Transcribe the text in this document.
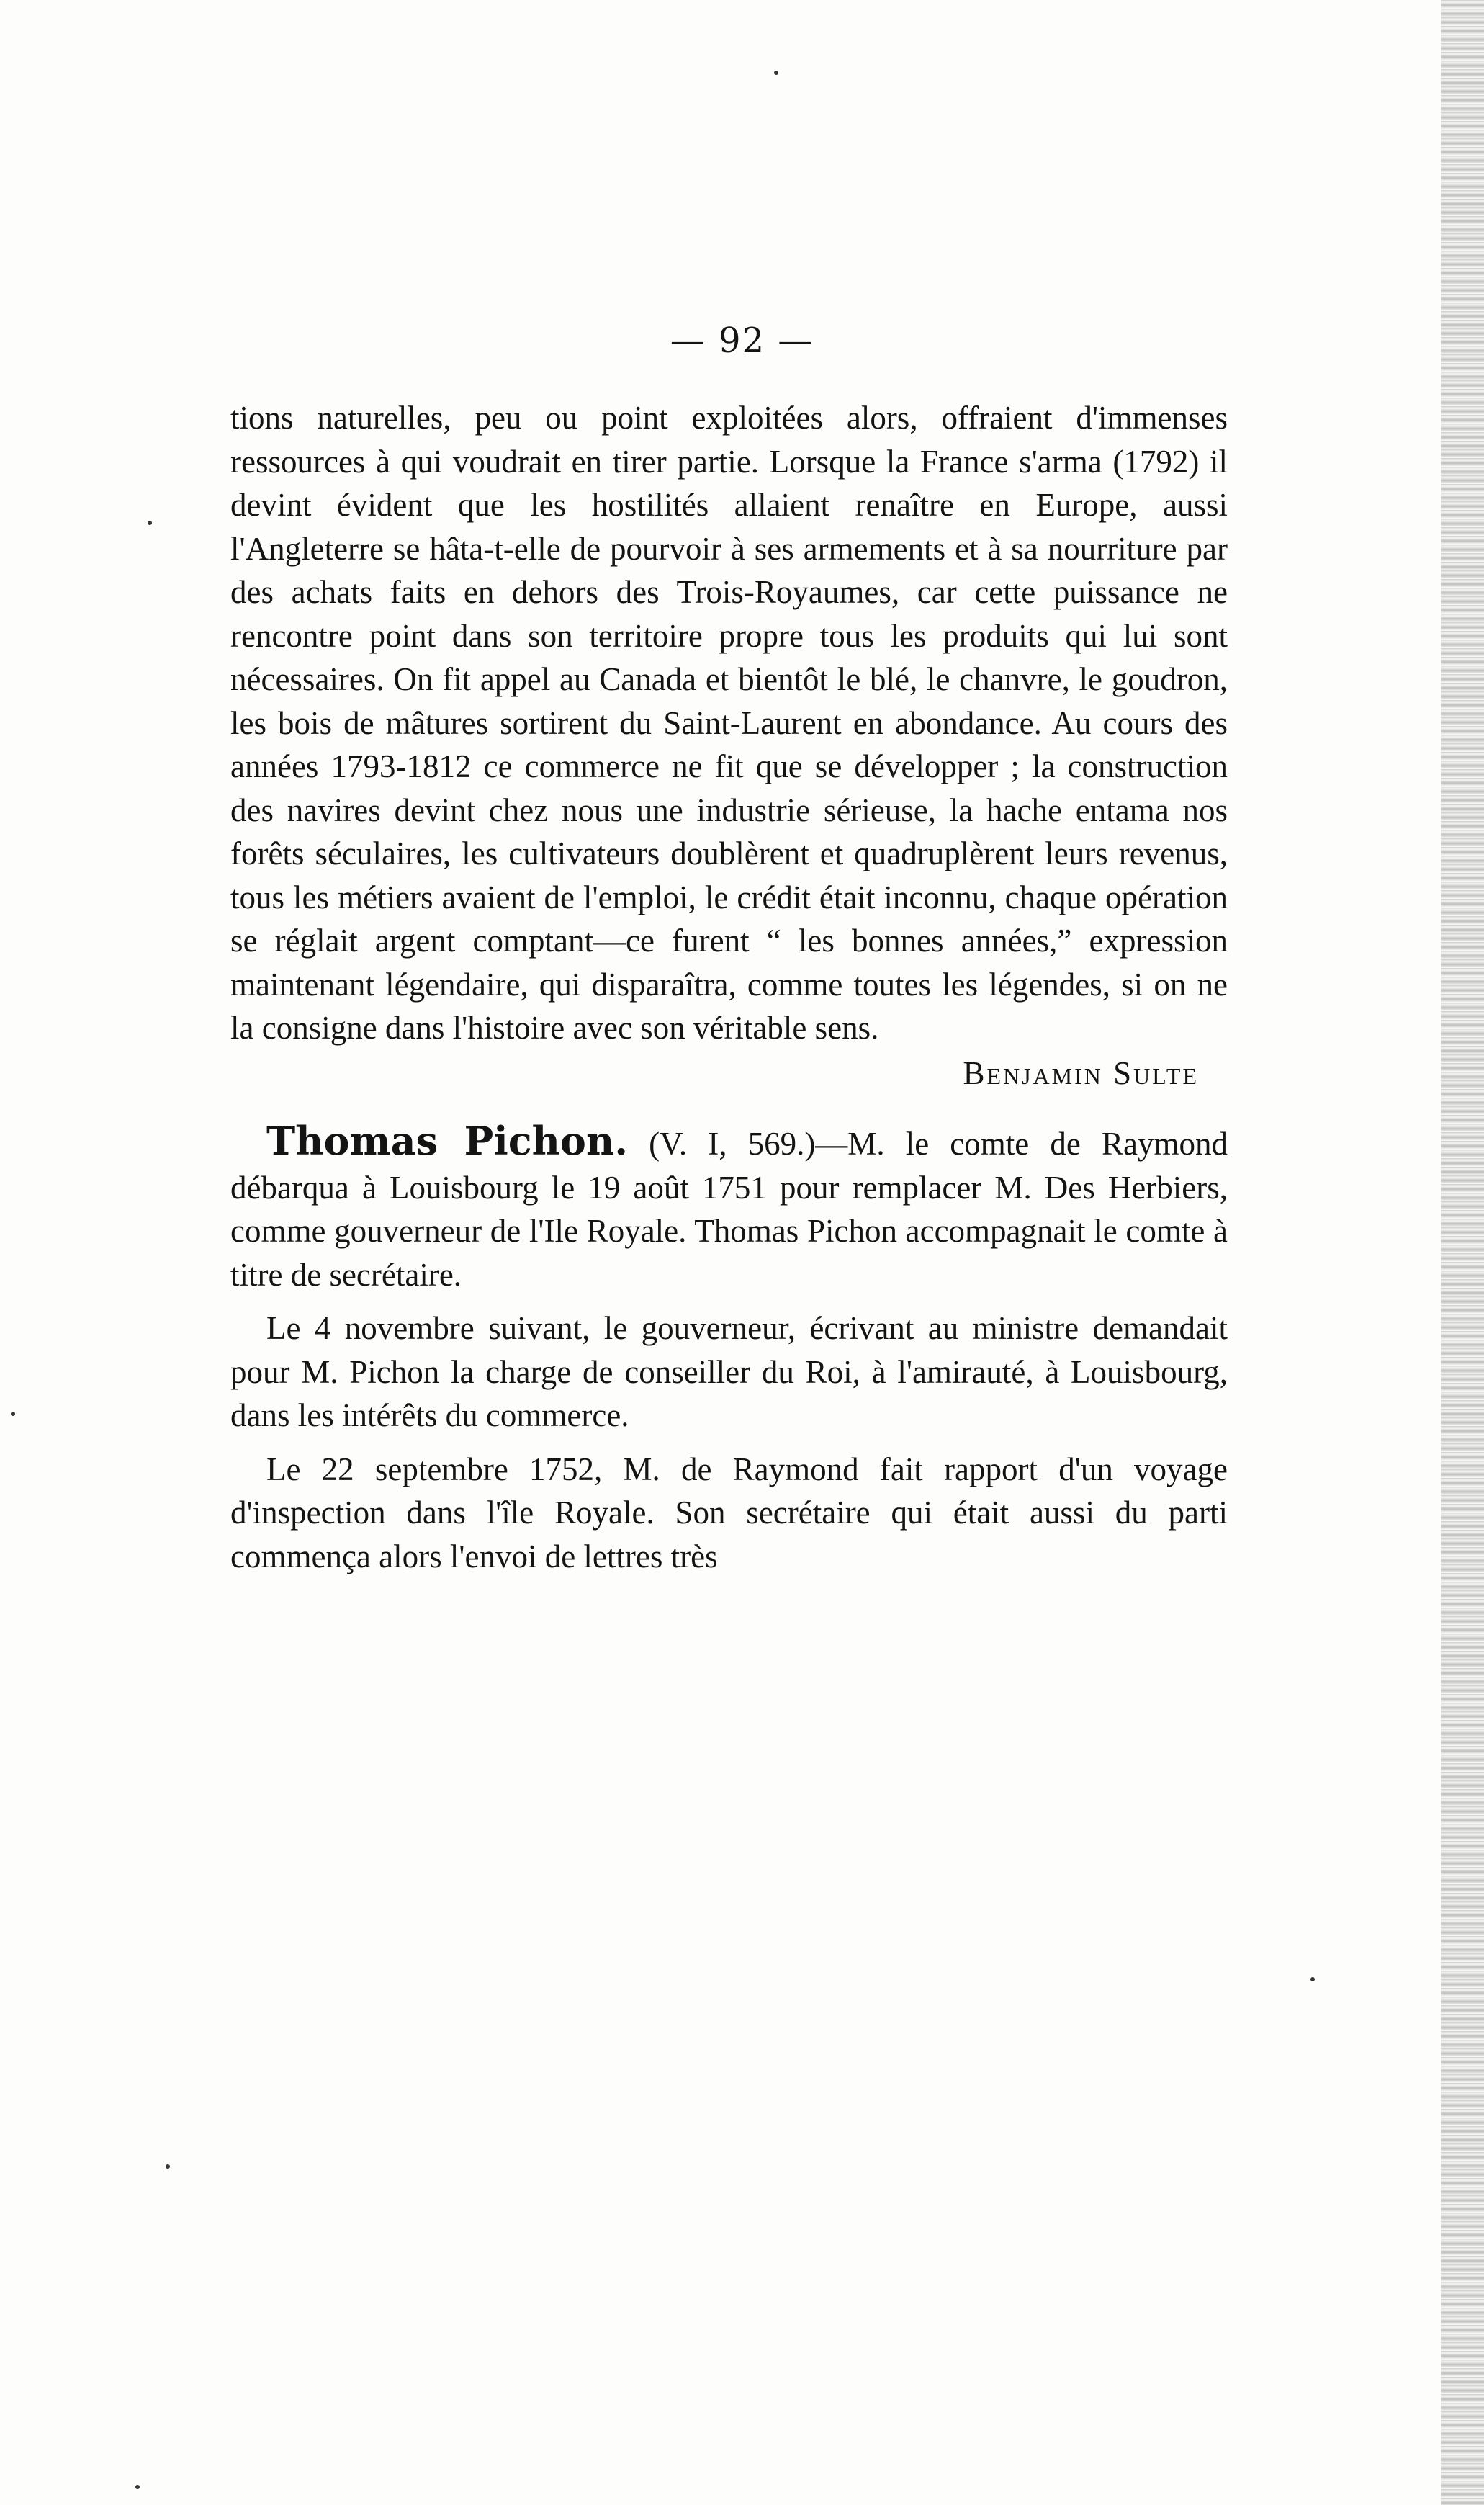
— 92 —

tions naturelles, peu ou point exploitées alors, offraient d'immenses ressources à qui voudrait en tirer partie. Lorsque la France s'arma (1792) il devint évident que les hostilités allaient renaître en Europe, aussi l'Angleterre se hâta-t-elle de pourvoir à ses armements et à sa nourriture par des achats faits en dehors des Trois-Royaumes, car cette puissance ne rencontre point dans son territoire propre tous les produits qui lui sont nécessaires. On fit appel au Canada et bientôt le blé, le chanvre, le goudron, les bois de mâtures sortirent du Saint-Laurent en abondance. Au cours des années 1793-1812 ce commerce ne fit que se développer ; la construction des navires devint chez nous une industrie sérieuse, la hache entama nos forêts séculaires, les cultivateurs doublèrent et quadruplèrent leurs revenus, tous les métiers avaient de l'emploi, le crédit était inconnu, chaque opération se réglait argent comptant—ce furent “ les bonnes années,” expression maintenant légendaire, qui disparaîtra, comme toutes les légendes, si on ne la consigne dans l'histoire avec son véritable sens.

Benjamin Sulte

Thomas Pichon. (V. I, 569.)—M. le comte de Raymond débarqua à Louisbourg le 19 août 1751 pour remplacer M. Des Herbiers, comme gouverneur de l'Ile Royale. Thomas Pichon accompagnait le comte à titre de secrétaire.

Le 4 novembre suivant, le gouverneur, écrivant au ministre demandait pour M. Pichon la charge de conseiller du Roi, à l'amirauté, à Louisbourg, dans les intérêts du commerce.

Le 22 septembre 1752, M. de Raymond fait rapport d'un voyage d'inspection dans l'île Royale. Son secrétaire qui était aussi du parti commença alors l'envoi de lettres très
